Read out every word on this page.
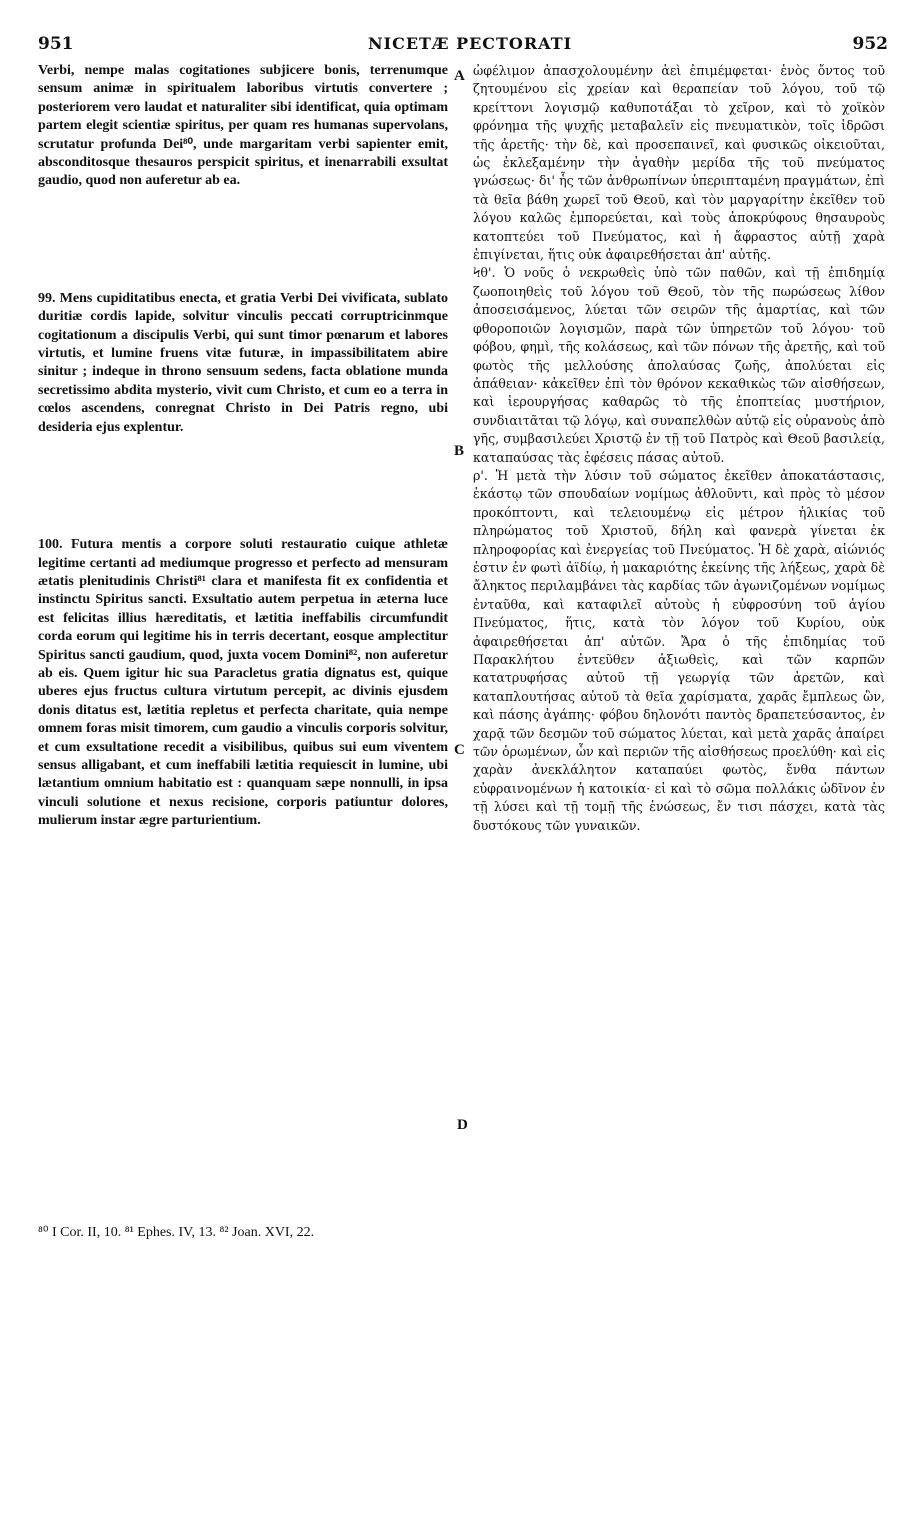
951	NICETÆ PECTORATI	952

Verbi, nempe malas cogitationes subjicere bonis, terrenumque sensum animæ in spiritualem laboribus virtutis convertere ; posteriorem vero laudat et naturaliter sibi identificat, quia optimam partem elegit scientiæ spiritus, per quam res humanas supervolans, scrutatur profunda Dei⁸⁰, unde margaritam verbi sapienter emit, absconditosque thesauros perspicit spiritus, et inenarrabili exsultat gaudio, quod non auferetur ab ea.

99. Mens cupiditatibus enecta, et gratia Verbi Dei vivificata, sublato duritiæ cordis lapide, solvitur vinculis peccati corruptricinmque cogitationum a discipulis Verbi, qui sunt timor pœnarum et labores virtutis, et lumine fruens vitæ futuræ, in impassibilitatem abire sinitur ; indeque in throno sensuum sedens, facta oblatione munda secretissimo abdita mysterio, vivit cum Christo, et cum eo a terra in cœlos ascendens, conregnat Christo in Dei Patris regno, ubi desideria ejus explentur.

100. Futura mentis a corpore soluti restauratio cuique athletæ legitime certanti ad mediumque progresso et perfecto ad mensuram ætatis plenitudinis Christi⁸¹ clara et manifesta fit ex confidentia et instinctu Spiritus sancti. Exsultatio autem perpetua in æterna luce est felicitas illius hæreditatis, et lætitia ineffabilis circumfundit corda eorum qui legitime his in terris decertant, eosque amplectitur Spiritus sancti gaudium, quod, juxta vocem Domini⁸², non auferetur ab eis. Quem igitur hic sua Paracletus gratia dignatus est, quique uberes ejus fructus cultura virtutum percepit, ac divinis ejusdem donis ditatus est, lætitia repletus et perfecta charitate, quia nempe omnem foras misit timorem, cum gaudio a vinculis corporis solvitur, et cum exsultatione recedit a visibilibus, quibus sui eum viventem sensus alligabant, et cum ineffabili lætitia requiescit in lumine, ubi lætantium omnium habitatio est : quanquam sæpe nonnulli, in ipsa vinculi solutione et nexus recisione, corporis patiuntur dolores, mulierum instar ægre parturientium.

ὠφέλιμον ἀπασχολουμένην ἀεὶ ἐπιμέμφεται· ἑνὸς ὄντος τοῦ ζητουμένου εἰς χρείαν καὶ θεραπείαν τοῦ λόγου, τοῦ τῷ κρείττονι λογισμῷ καθυποτάξαι τὸ χεῖρον, καὶ τὸ χοϊκὸν φρόνημα τῆς ψυχῆς μεταβαλεῖν εἰς πνευματικὸν, τοῖς ἱδρῶσι τῆς ἀρετῆς· τὴν δὲ, καὶ προσεπαινεῖ, καὶ φυσικῶς οἰκειοῦται, ὡς ἐκλεξαμένην τὴν ἀγαθὴν μερίδα τῆς τοῦ πνεύματος γνώσεως· δι' ἧς τῶν ἀνθρωπίνων ὑπεριπταμένη πραγμάτων, ἐπὶ τὰ θεῖα βάθη χωρεῖ τοῦ Θεοῦ, καὶ τὸν μαργαρίτην ἐκεῖθεν τοῦ λόγου καλῶς ἐμπορεύεται, καὶ τοὺς ἀποκρύφους θησαυροὺς κατοπτεύει τοῦ Πνεύματος, καὶ ἡ ἄφραστος αὐτῇ χαρὰ ἐπιγίνεται, ἥτις οὐκ ἀφαιρεθήσεται ἀπ' αὐτῆς.

Ϟθ'. Ὁ νοῦς ὁ νεκρωθεὶς ὑπὸ τῶν παθῶν, καὶ τῇ ἐπιδημίᾳ ζωοποιηθεὶς τοῦ λόγου τοῦ Θεοῦ, τὸν τῆς πωρώσεως λίθον ἀποσεισάμενος, λύεται τῶν σειρῶν τῆς ἁμαρτίας, καὶ τῶν φθοροποιῶν λογισμῶν, παρὰ τῶν ὑπηρετῶν τοῦ λόγου· τοῦ φόβου, φημὶ, τῆς κολάσεως, καὶ τῶν πόνων τῆς ἀρετῆς, καὶ τοῦ φωτὸς τῆς μελλούσης ἀπολαύσας ζωῆς, ἀπολύεται εἰς ἀπάθειαν· κἀκεῖθεν ἐπὶ τὸν θρόνον κεκαθικὼς τῶν αἰσθήσεων, καὶ ἱερουργήσας καθαρῶς τὸ τῆς ἐποπτείας μυστήριον, συνδιαιτᾶται τῷ λόγῳ, καὶ συναπελθὼν αὐτῷ εἰς οὐρανοὺς ἀπὸ γῆς, συμβασιλεύει Χριστῷ ἐν τῇ τοῦ Πατρὸς καὶ Θεοῦ βασιλείᾳ, καταπαύσας τὰς ἐφέσεις πάσας αὐτοῦ.

ρ'. Ἡ μετὰ τὴν λύσιν τοῦ σώματος ἐκεῖθεν ἀποκατάστασις, ἑκάστῳ τῶν σπουδαίων νομίμως ἀθλοῦντι, καὶ πρὸς τὸ μέσον προκόπτοντι, καὶ τελειουμένῳ εἰς μέτρον ἡλικίας τοῦ πληρώματος τοῦ Χριστοῦ, δήλη καὶ φανερὰ γίνεται ἐκ πληροφορίας καὶ ἐνεργείας τοῦ Πνεύματος. Ἡ δὲ χαρὰ, αἰώνιός ἐστιν ἐν φωτὶ ἀϊδίῳ, ἡ μακαριότης ἐκείνης τῆς λήξεως, χαρὰ δὲ ἄληκτος περιλαμβάνει τὰς καρδίας τῶν ἀγωνιζομένων νομίμως ἐνταῦθα, καὶ καταφιλεῖ αὐτοὺς ἡ εὐφροσύνη τοῦ ἁγίου Πνεύματος, ἥτις, κατὰ τὸν λόγον τοῦ Κυρίου, οὐκ ἀφαιρεθήσεται ἀπ' αὐτῶν. Ἄρα ὁ τῆς ἐπιδημίας τοῦ Παρακλήτου ἐντεῦθεν ἀξιωθεὶς, καὶ τῶν καρπῶν κατατρυφήσας αὐτοῦ τῇ γεωργίᾳ τῶν ἀρετῶν, καὶ καταπλουτήσας αὐτοῦ τὰ θεῖα χαρίσματα, χαρᾶς ἔμπλεως ὢν, καὶ πάσης ἀγάπης· φόβου δηλονότι παντὸς δραπετεύσαντος, ἐν χαρᾷ τῶν δεσμῶν τοῦ σώματος λύεται, καὶ μετὰ χαρᾶς ἀπαίρει τῶν ὁρωμένων, ὧν καὶ περιῶν τῆς αἰσθήσεως προελύθη· καὶ εἰς χαρὰν ἀνεκλάλητον καταπαύει φωτὸς, ἔνθα πάντων εὐφραινομένων ἡ κατοικία· εἰ καὶ τὸ σῶμα πολλάκις ὠδῖνον ἐν τῇ λύσει καὶ τῇ τομῇ τῆς ἑνώσεως, ἔν τισι πάσχει, κατὰ τὰς δυστόκους τῶν γυναικῶν.

A
B
C
D
⁸⁰ I Cor. II, 10. ⁸¹ Ephes. IV, 13. ⁸² Joan. XVI, 22.
